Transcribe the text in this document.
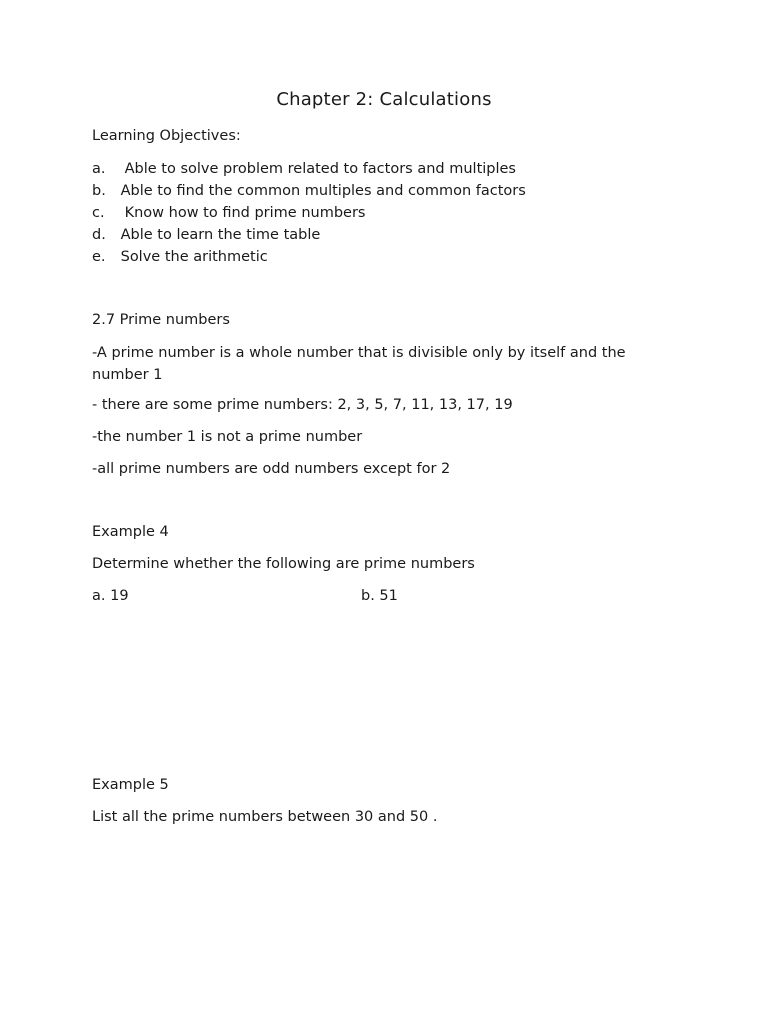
Chapter 2: Calculations
Learning Objectives:
a. Able to solve problem related to factors and multiples
b. Able to find the common multiples and common factors
c. Know how to find prime numbers
d. Able to learn the time table
e. Solve the arithmetic
2.7 Prime numbers
-A prime number is a whole number that is divisible only by itself and the number 1
- there are some prime numbers: 2, 3, 5, 7, 11, 13, 17, 19
-the number 1 is not a prime number
-all prime numbers are odd numbers except for 2
Example 4
Determine whether the following are prime numbers
a. 19	b. 51
Example 5
List all the prime numbers between 30 and 50 .
